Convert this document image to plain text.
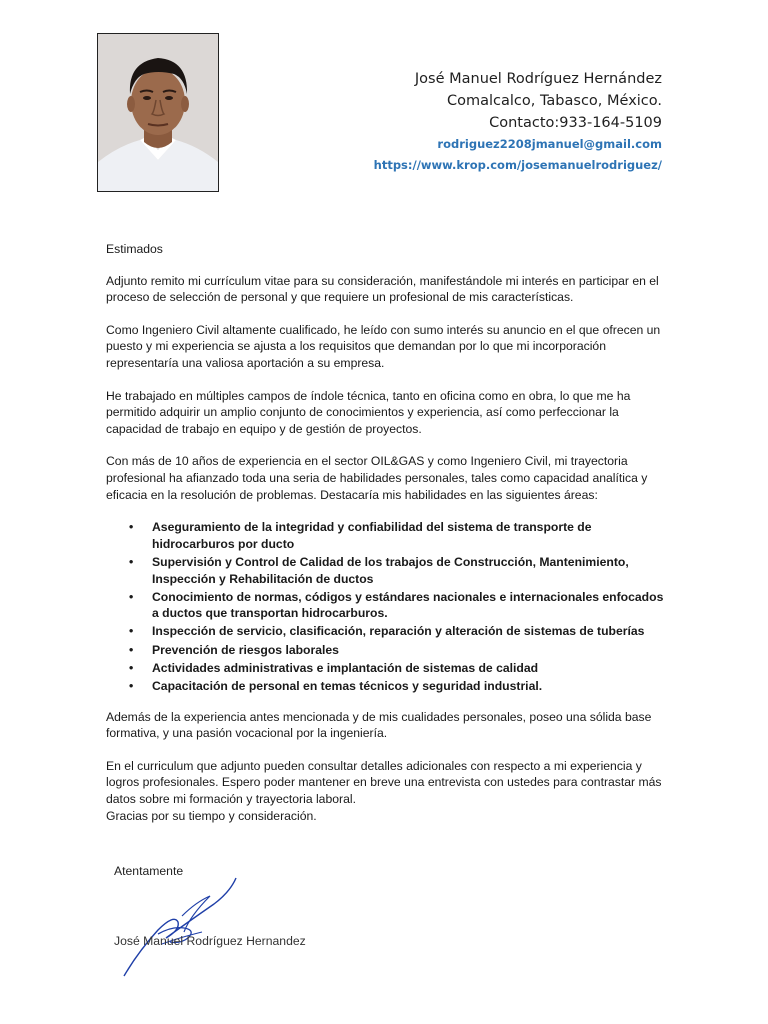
José Manuel Rodríguez Hernández
Comalcalco, Tabasco, México.
Contacto:933-164-5109
rodriguez2208jmanuel@gmail.com
https://www.krop.com/josemanuelrodriguez/

Estimados

Adjunto remito mi currículum vitae para su consideración, manifestándole mi interés en participar en el proceso de selección de personal y que requiere un profesional de mis características.

Como Ingeniero Civil altamente cualificado, he leído con sumo interés su anuncio en el que ofrecen un puesto y mi experiencia se ajusta a los requisitos que demandan por lo que mi incorporación representaría una valiosa aportación a su empresa.

He trabajado en múltiples campos de índole técnica, tanto en oficina como en obra, lo que me ha permitido adquirir un amplio conjunto de conocimientos y experiencia, así como perfeccionar la capacidad de trabajo en equipo y de gestión de proyectos.

Con más de 10 años de experiencia en el sector OIL&GAS y como Ingeniero Civil, mi trayectoria profesional ha afianzado toda una seria de habilidades personales, tales como capacidad analítica y eficacia en la resolución de problemas. Destacaría mis habilidades en las siguientes áreas:

• Aseguramiento de la integridad y confiabilidad del sistema de transporte de hidrocarburos por ducto
• Supervisión y Control de Calidad de los trabajos de Construcción, Mantenimiento, Inspección y Rehabilitación de ductos
• Conocimiento de normas, códigos y estándares nacionales e internacionales enfocados a ductos que transportan hidrocarburos.
• Inspección de servicio, clasificación, reparación y alteración de sistemas de tuberías
• Prevención de riesgos laborales
• Actividades administrativas e implantación de sistemas de calidad
• Capacitación de personal en temas técnicos y seguridad industrial.

Además de la experiencia antes mencionada y de mis cualidades personales, poseo una sólida base formativa, y una pasión vocacional por la ingeniería.

En el curriculum que adjunto pueden consultar detalles adicionales con respecto a mi experiencia y logros profesionales. Espero poder mantener en breve una entrevista con ustedes para contrastar más datos sobre mi formación y trayectoria laboral.
Gracias por su tiempo y consideración.

Atentamente
José Manuel Rodríguez Hernandez
